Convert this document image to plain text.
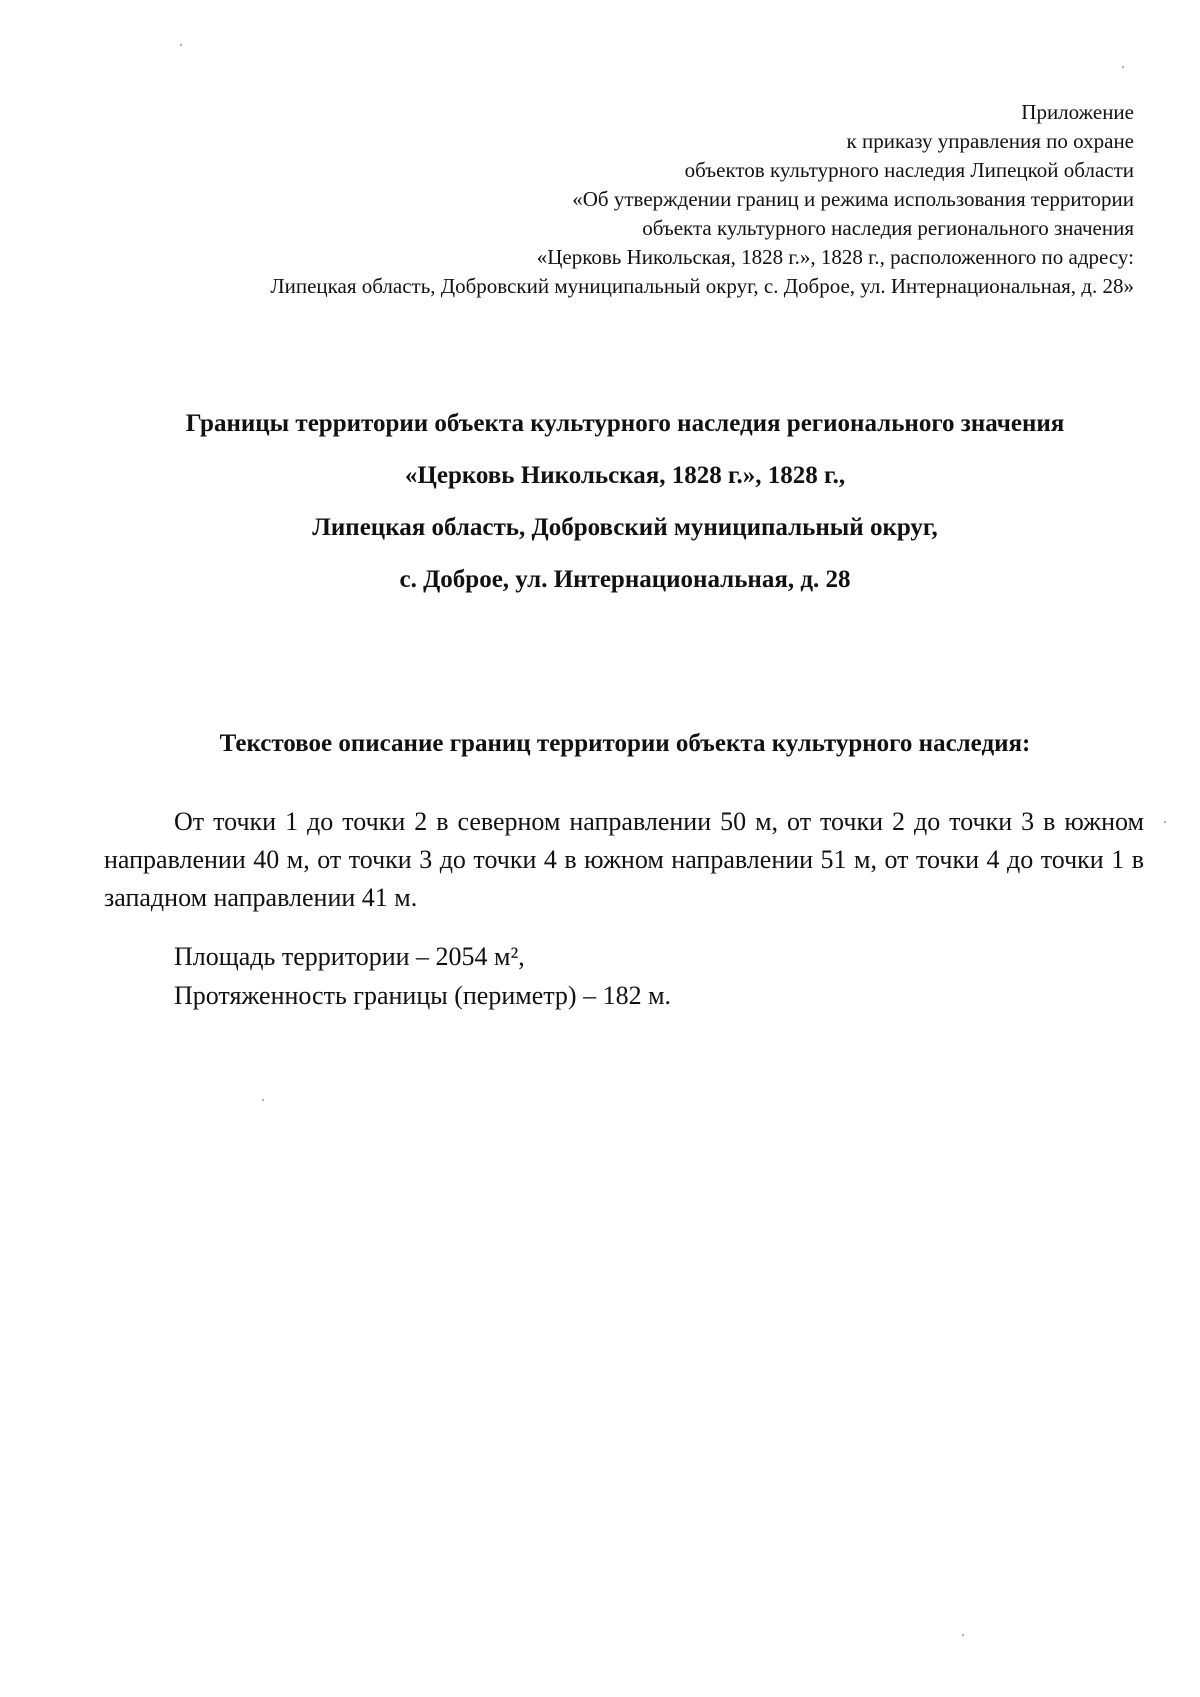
Приложение
к приказу управления по охране
объектов культурного наследия Липецкой области
«Об утверждении границ и режима использования территории
объекта культурного наследия регионального значения
«Церковь Никольская, 1828 г.», 1828 г., расположенного по адресу:
Липецкая область, Добровский муниципальный округ, с. Доброе, ул. Интернациональная, д. 28»
Границы территории объекта культурного наследия регионального значения
«Церковь Никольская, 1828 г.», 1828 г.,
Липецкая область, Добровский муниципальный округ,
с. Доброе, ул. Интернациональная, д. 28
Текстовое описание границ территории объекта культурного наследия:

От точки 1 до точки 2 в северном направлении 50 м, от точки 2 до точки 3 в южном направлении 40 м, от точки 3 до точки 4 в южном направлении 51 м, от точки 4 до точки 1 в западном направлении 41 м.

Площадь территории – 2054 м²,
Протяженность границы (периметр) – 182 м.
